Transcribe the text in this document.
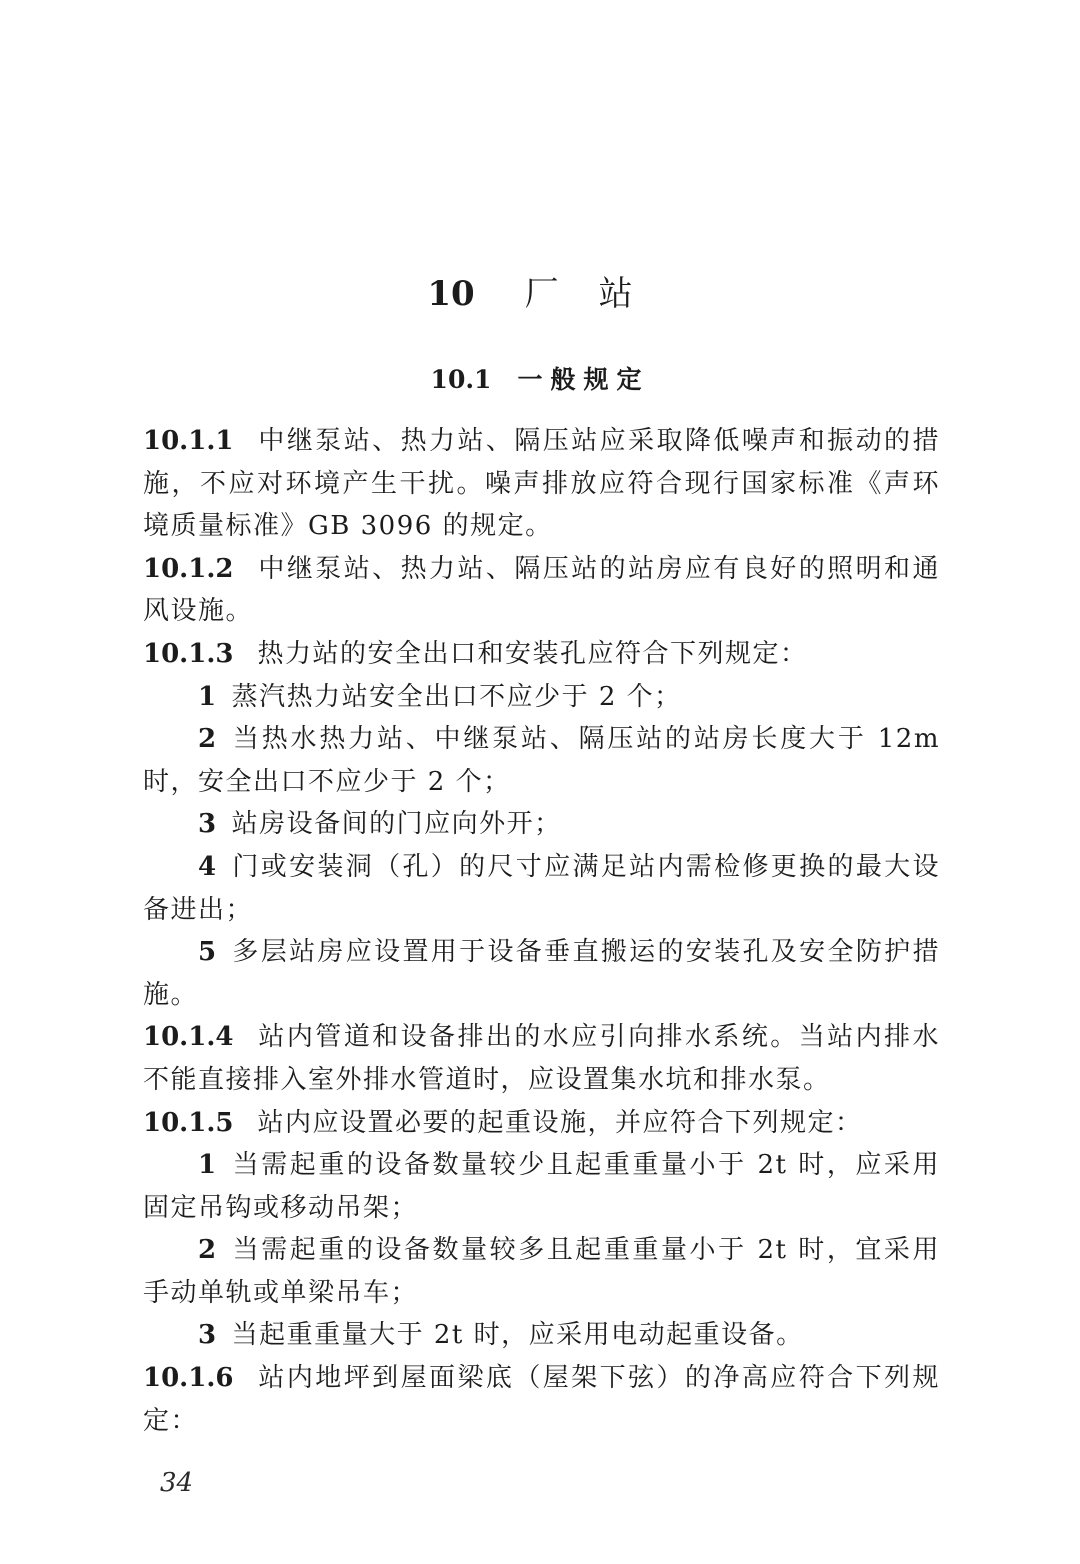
10 厂 站
10.1 一般规定

10.1.1 中继泵站、热力站、隔压站应采取降低噪声和振动的措施，不应对环境产生干扰。噪声排放应符合现行国家标准《声环境质量标准》GB 3096 的规定。

10.1.2 中继泵站、热力站、隔压站的站房应有良好的照明和通风设施。

10.1.3 热力站的安全出口和安装孔应符合下列规定：

1 蒸汽热力站安全出口不应少于 2 个；

2 当热水热力站、中继泵站、隔压站的站房长度大于 12m 时，安全出口不应少于 2 个；

3 站房设备间的门应向外开；

4 门或安装洞（孔）的尺寸应满足站内需检修更换的最大设备进出；

5 多层站房应设置用于设备垂直搬运的安装孔及安全防护措施。

10.1.4 站内管道和设备排出的水应引向排水系统。当站内排水不能直接排入室外排水管道时，应设置集水坑和排水泵。

10.1.5 站内应设置必要的起重设施，并应符合下列规定：

1 当需起重的设备数量较少且起重重量小于 2t 时，应采用固定吊钩或移动吊架；

2 当需起重的设备数量较多且起重重量小于 2t 时，宜采用手动单轨或单梁吊车；

3 当起重重量大于 2t 时，应采用电动起重设备。

10.1.6 站内地坪到屋面梁底（屋架下弦）的净高应符合下列规定：

34
